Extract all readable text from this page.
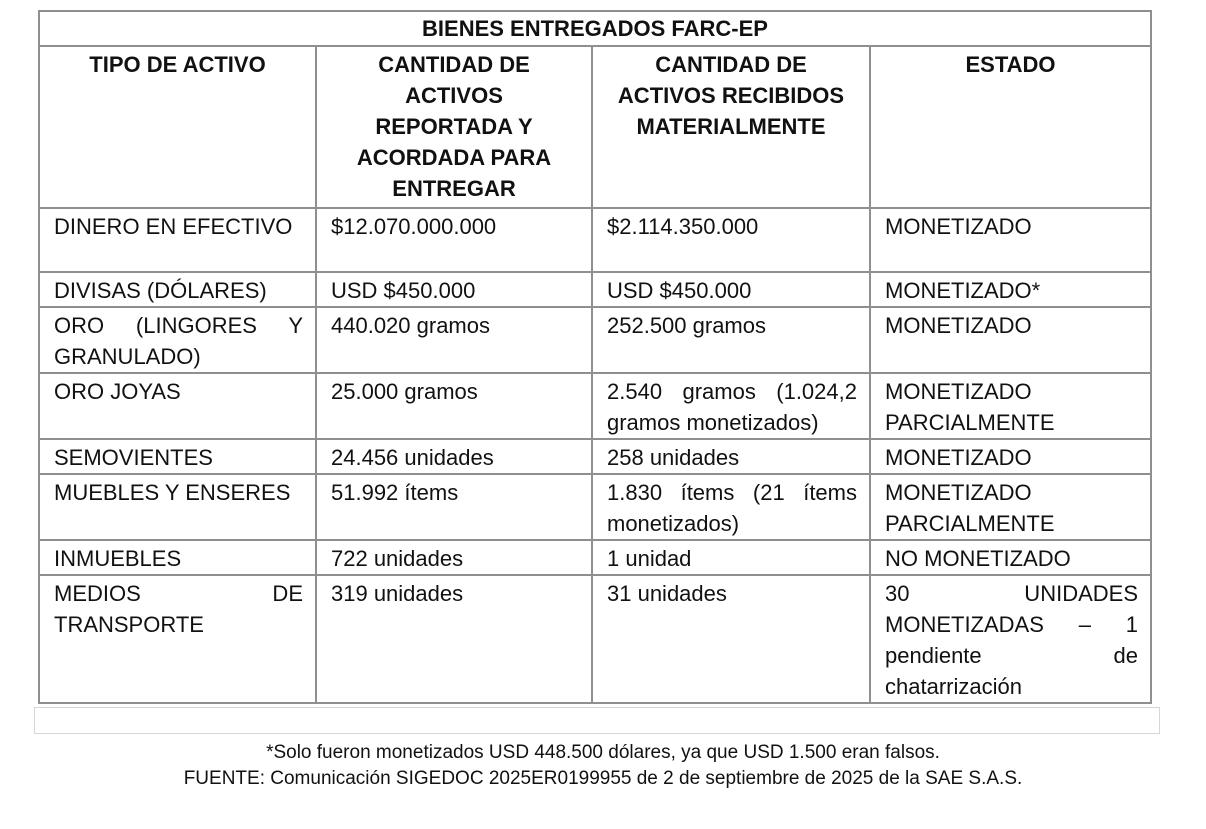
BIENES ENTREGADOS FARC-EP			

TIPO DE ACTIVO	CANTIDAD DE ACTIVOS REPORTADA Y ACORDADA PARA ENTREGAR	CANTIDAD DE ACTIVOS RECIBIDOS MATERIALMENTE	ESTADO

DINERO EN EFECTIVO	$12.070.000.000	$2.114.350.000	MONETIZADO
DIVISAS (DÓLARES)	USD $450.000	USD $450.000	MONETIZADO*
ORO (LINGORES Y GRANULADO)	440.020 gramos	252.500 gramos	MONETIZADO
ORO JOYAS	25.000 gramos	2.540 gramos (1.024,2 gramos monetizados)	MONETIZADO PARCIALMENTE
SEMOVIENTES	24.456 unidades	258 unidades	MONETIZADO
MUEBLES Y ENSERES	51.992 ítems	1.830 ítems (21 ítems monetizados)	MONETIZADO PARCIALMENTE
INMUEBLES	722 unidades	1 unidad	NO MONETIZADO
MEDIOS DE TRANSPORTE	319 unidades	31 unidades	30 UNIDADES MONETIZADAS – 1 pendiente de chatarrización
*Solo fueron monetizados USD 448.500 dólares, ya que USD 1.500 eran falsos.
FUENTE: Comunicación SIGEDOC 2025ER0199955 de 2 de septiembre de 2025 de la SAE S.A.S.
